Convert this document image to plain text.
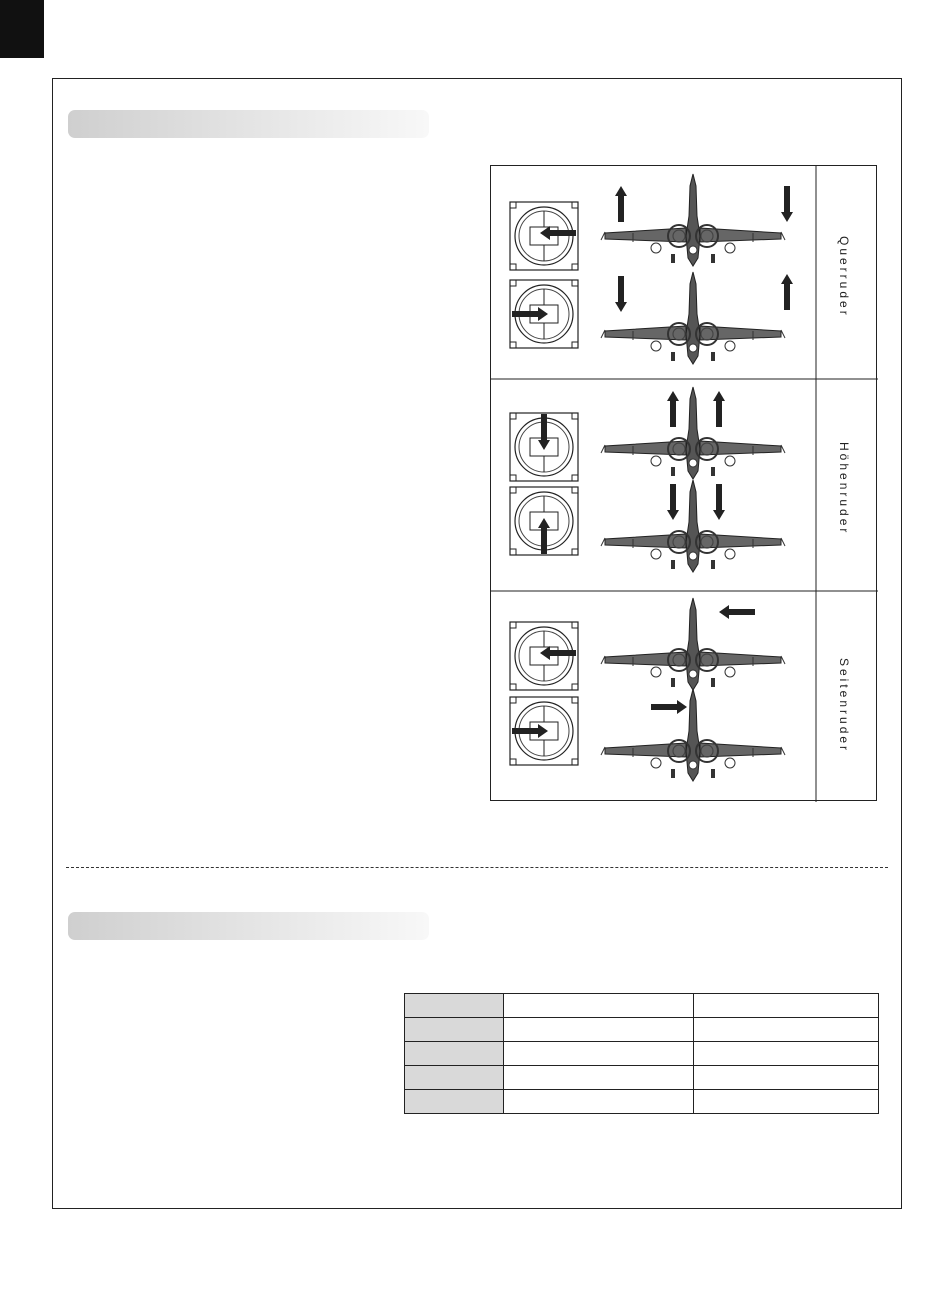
Querruder
Höhenruder
Seitenruder
